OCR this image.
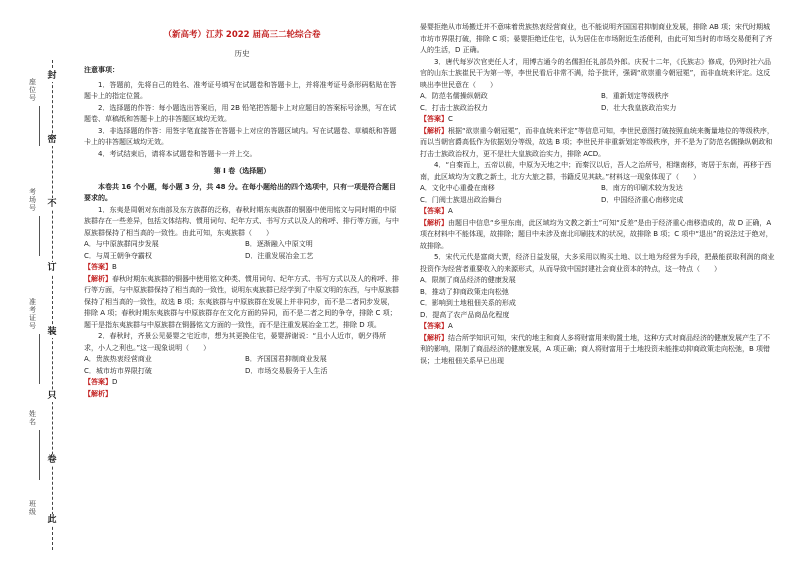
封
密
不
订
装
只
卷
此
座位号
考场号
准考证号
姓名
班级
（新高考）江苏 2022 届高三二轮综合卷
历史
注意事项：

1．答题前，先将自己的姓名、准考证号填写在试题卷和答题卡上，并将准考证号条形码粘贴在答题卡上的指定位置。

2．选择题的作答：每小题选出答案后，用 2B 铅笔把答题卡上对应题目的答案标号涂黑，写在试题卷、草稿纸和答题卡上的非答题区域均无效。

3．非选择题的作答：用签字笔直接答在答题卡上对应的答题区域内。写在试题卷、草稿纸和答题卡上的非答题区域均无效。

4．考试结束后，请将本试题卷和答题卡一并上交。

第 I 卷（选择题）

本卷共 16 个小题，每小题 3 分，共 48 分。在每小题给出的四个选项中，只有一项是符合题目要求的。

1．东夷是周朝对东南部及东方族群的泛称，春秋时期东夷族群的铜器中使用铭文与同时期的中原族群存在一些差异，包括文体结构、惯用词句、纪年方式、书写方式以及人的称呼、排行等方面，与中原族群保持了相当高的一致性。由此可知，东夷族群（　　）

A．与中原族群同步发展	B．逐渐融入中原文明

C．与周王朝争夺霸权	D．注重发展冶金工艺

【答案】B

【解析】春秋时期东夷族群的铜器中使用铭文种类、惯用词句、纪年方式、书写方式以及人的称呼、排行等方面，与中原族群保持了相当高的一致性，说明东夷族群已经学到了中原文明的东西，与中原族群保持了相当高的一致性，故选 B 项；东夷族群与中原族群在发展上并非同步，而不是二者同步发展，排除 A 项；春秋时期东夷族群与中原族群存在文化方面的异同，而不是二者之间的争夺，排除 C 项；题干是指东夷族群与中原族群在铜器铭文方面的一致性，而不是注重发展冶金工艺，排除 D 项。

2．春秋时，齐景公见晏婴之宅近市，想为其更换住宅，晏婴辞谢说：“且小人近市，朝夕得所求，小人之利也。”这一现象说明（　　）

A．贵族热衷经营商业	B．齐国国君抑制商业发展

C．城市坊市界限打破	D．市场交易服务于人生活

【答案】D

【解析】

晏婴拒绝从市场搬迁并不意味着贵族热衷经营商业，也不能说明齐国国君抑制商业发展，排除 AB 项；宋代时期城市坊市界限打破，排除 C 项；晏婴拒绝迁住宅，认为居住在市场附近生活便利，由此可知当时的市场交易便利了齐人的生活，D 正确。

3．唐代每岁次官吏任人才，用博古通今的名儒担任礼部员外郎。庆祝十二年，《氏族志》修成，仍列时社六品官的山东士族崔民干为第一等，李世民看后非常不满，给予批评，强调“欲崇重今朝冠冕”，而非血统来评定。这反映出李世民意在（　　）

A．防范名儒操纵朝政	B．重新划定等级秩序

C．打击士族政治权力	D．壮大我皇族政治实力

【答案】C

【解析】根据“欲崇重今朝冠冕”，而非血统来评定”等信息可知，李世民意图打破按照血统来衡量地位的等级秩序，而以当朝官爵高低作为依据划分等级，故选 B 项；李世民并非重新划定等级秩序，并不是为了防范名儒操纵朝政和打击士族政治权力，更不是壮大皇族政治实力，排除 ACD。

4．“自秦而上，五帝以前，中原为天地之中；而秦汉以后，吾人之治所号，相继南移，寄居于东南，再移于西南，此区域均为文教之新土，北方大旅之群，书籍反见其缺。”材料这一现象体现了（　　）

A．文化中心重叠在南移	B．南方的印刷术较为发达

C．门阀士族退出政治舞台	D．中国经济重心南移完成

【答案】A

【解析】由题目中信息“乡里东南，此区域均为文教之新土”可知“反差”是由于经济重心南移造成的，故 D 正确，A 项在材料中不能体现，故排除；题目中未涉及南北印刷技术的状况，故排除 B 项；C 项中“退出”的说法过于绝对，故排除。

5．宋代元代是富商大贾，经济日益发展，大多采用以购买土地、以土地为经营为手段，把最能获取利润的商业投资作为经营者重要收入的来源形式，从而导致中国封建社会商业资本的特点，这一特点（　　）

A．限制了商品经济的健康发展

B．推动了抑商政策走向松弛

C．影响到土地租佃关系的形成

D．提高了农产品商品化程度

【答案】A

【解析】结合所学知识可知，宋代的地主和商人多将财富用来购置土地，这种方式对商品经济的健康发展产生了不利的影响，限制了商品经济的健康发展，A 项正确；商人将财富用于土地投资未能推动抑商政策走向松弛，B 项错误；土地租佃关系早已出现
